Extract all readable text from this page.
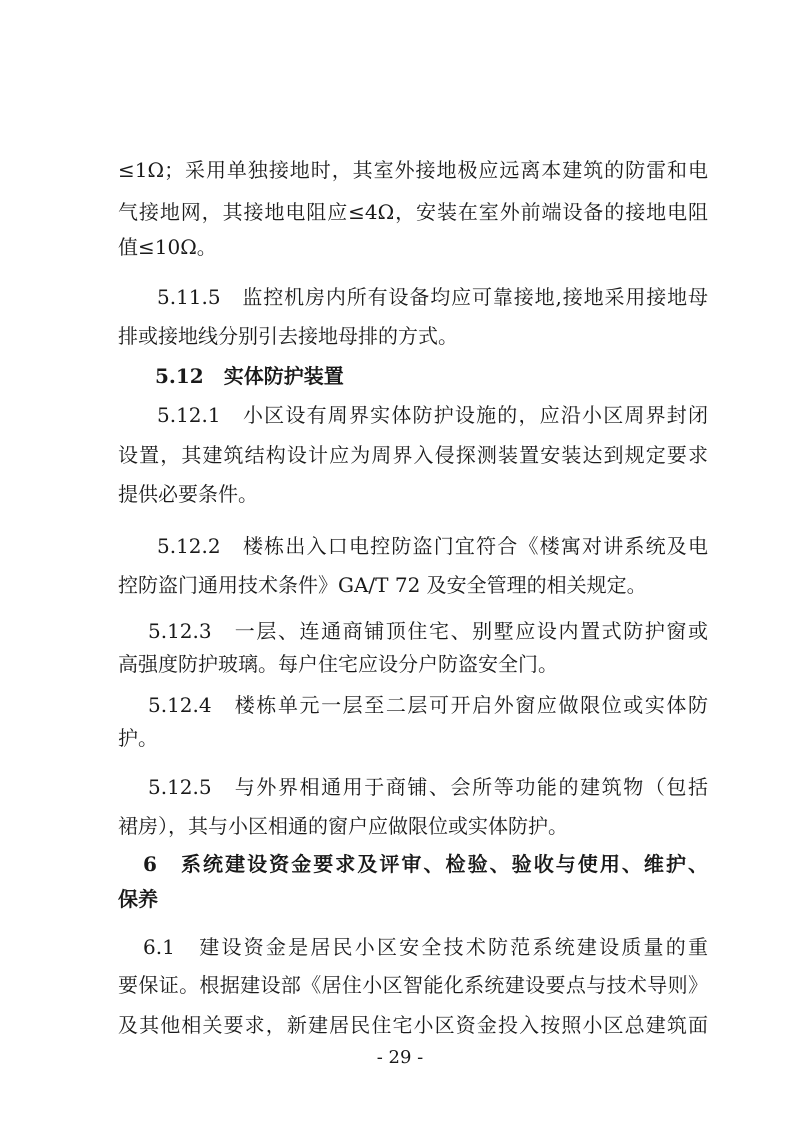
≤1Ω；采用单独接地时，其室外接地极应远离本建筑的防雷和电
气接地网，其接地电阻应≤4Ω，安装在室外前端设备的接地电阻
值≤10Ω。
5.11.5　监控机房内所有设备均应可靠接地,接地采用接地母
排或接地线分别引去接地母排的方式。
5.12　实体防护装置
5.12.1　小区设有周界实体防护设施的，应沿小区周界封闭
设置，其建筑结构设计应为周界入侵探测装置安装达到规定要求
提供必要条件。
5.12.2　楼栋出入口电控防盗门宜符合《楼寓对讲系统及电
控防盗门通用技术条件》GA/T 72 及安全管理的相关规定。
5.12.3　一层、连通商铺顶住宅、别墅应设内置式防护窗或
高强度防护玻璃。每户住宅应设分户防盗安全门。
5.12.4　楼栋单元一层至二层可开启外窗应做限位或实体防
护。
5.12.5　与外界相通用于商铺、会所等功能的建筑物（包括
裙房），其与小区相通的窗户应做限位或实体防护。
6　系统建设资金要求及评审、检验、验收与使用、维护、
保养
6.1　建设资金是居民小区安全技术防范系统建设质量的重
要保证。根据建设部《居住小区智能化系统建设要点与技术导则》
及其他相关要求，新建居民住宅小区资金投入按照小区总建筑面
- 29 -
